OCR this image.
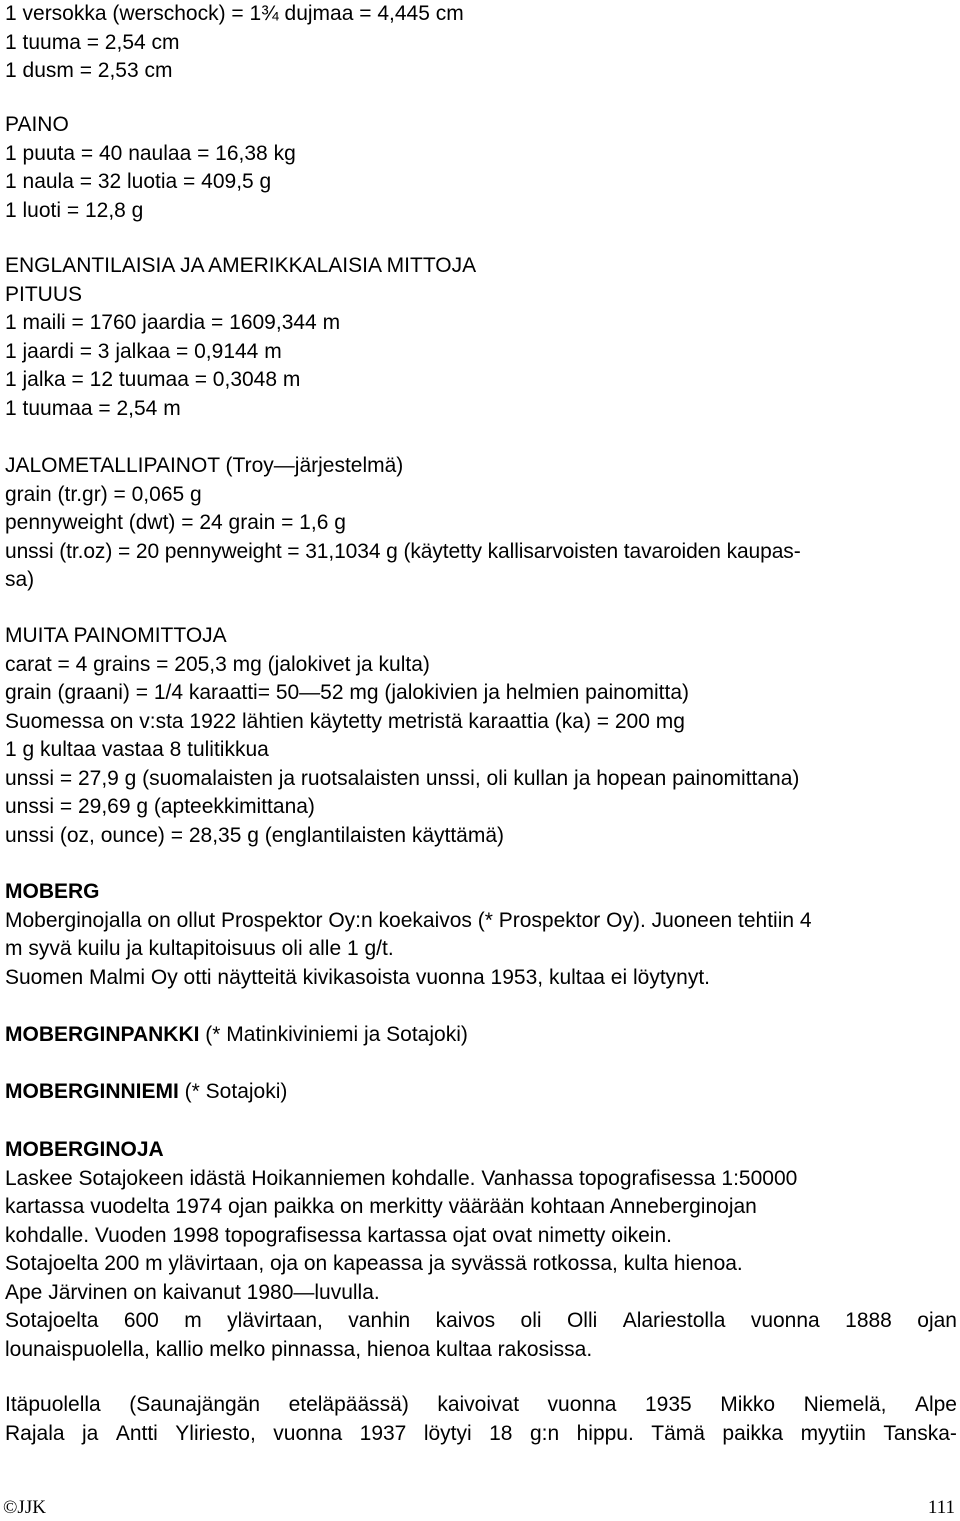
1 versokka (werschock) = 1¾ dujmaa = 4,445 cm
1 tuuma = 2,54 cm
1 dusm = 2,53 cm
PAINO
1 puuta = 40 naulaa = 16,38 kg
1 naula = 32 luotia = 409,5 g
1 luoti = 12,8 g
ENGLANTILAISIA JA AMERIKKALAISIA MITTOJA
PITUUS
1 maili = 1760 jaardia = 1609,344 m
1 jaardi = 3 jalkaa = 0,9144 m
1 jalka = 12 tuumaa = 0,3048 m
1 tuumaa = 2,54 m
JALOMETALLIPAINOT (Troy—järjestelmä)
grain (tr.gr) = 0,065 g
pennyweight (dwt) = 24 grain = 1,6 g
unssi (tr.oz) = 20 pennyweight = 31,1034 g (käytetty kallisarvoisten tavaroiden kaupas-
sa)
MUITA PAINOMITTOJA
carat = 4 grains = 205,3 mg (jalokivet ja kulta)
grain (graani) = 1/4 karaatti= 50—52 mg (jalokivien ja helmien painomitta)
Suomessa on v:sta 1922 lähtien käytetty metristä karaattia (ka) = 200 mg
1 g kultaa vastaa 8 tulitikkua
unssi = 27,9 g (suomalaisten ja ruotsalaisten unssi, oli kullan ja hopean painomittana)
unssi = 29,69 g (apteekkimittana)
unssi (oz, ounce) = 28,35 g (englantilaisten käyttämä)
MOBERG
Moberginojalla on ollut Prospektor Oy:n koekaivos (* Prospektor Oy). Juoneen tehtiin 4
m syvä kuilu ja kultapitoisuus oli alle 1 g/t.
Suomen Malmi Oy otti näytteitä kivikasoista vuonna 1953, kultaa ei löytynyt.
MOBERGINPANKKI (* Matinkiviniemi ja Sotajoki)
MOBERGINNIEMI (* Sotajoki)
MOBERGINOJA
Laskee Sotajokeen idästä Hoikanniemen kohdalle. Vanhassa topografisessa 1:50000
kartassa vuodelta 1974 ojan paikka on merkitty väärään kohtaan Anneberginojan
kohdalle. Vuoden 1998 topografisessa kartassa ojat ovat nimetty oikein.
Sotajoelta 200 m ylävirtaan, oja on kapeassa ja syvässä rotkossa, kulta hienoa.
Ape Järvinen on kaivanut 1980—luvulla.
Sotajoelta 600 m ylävirtaan, vanhin kaivos oli Olli Alariestolla vuonna 1888 ojan
lounaispuolella, kallio melko pinnassa, hienoa kultaa rakosissa.
Itäpuolella (Saunajängän eteläpäässä) kaivoivat vuonna 1935 Mikko Niemelä, Alpe
Rajala ja Antti Yliriesto, vuonna 1937 löytyi 18 g:n hippu. Tämä paikka myytiin Tanska-
©JJK	111
